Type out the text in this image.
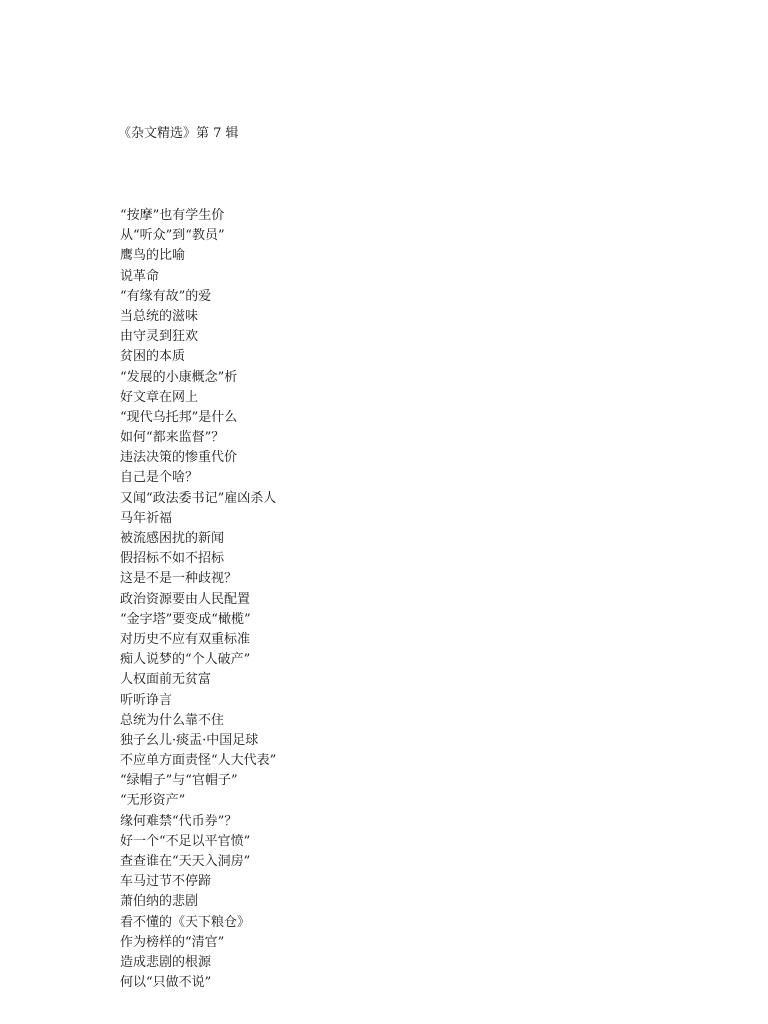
《杂文精选》第 7 辑
“按摩”也有学生价
从“听众”到“教员”
鹰鸟的比喻
说革命
“有缘有故”的爱
当总统的滋味
由守灵到狂欢
贫困的本质
“发展的小康概念”析
好文章在网上
“现代乌托邦”是什么
如何“都来监督”？
违法决策的惨重代价
自己是个啥？
又闻“政法委书记”雇凶杀人
马年祈福
被流感困扰的新闻
假招标不如不招标
这是不是一种歧视？
政治资源要由人民配置
“金字塔”要变成“橄榄”
对历史不应有双重标准
痴人说梦的“个人破产”
人权面前无贫富
听听诤言
总统为什么靠不住
独子幺儿·痰盂·中国足球
不应单方面责怪“人大代表”
“绿帽子”与“官帽子”
“无形资产”
缘何难禁“代币券”？
好一个“不足以平官愤”
查查谁在“天天入洞房”
车马过节不停蹄
萧伯纳的悲剧
看不懂的《天下粮仓》
作为榜样的“清官”
造成悲剧的根源
何以“只做不说”
